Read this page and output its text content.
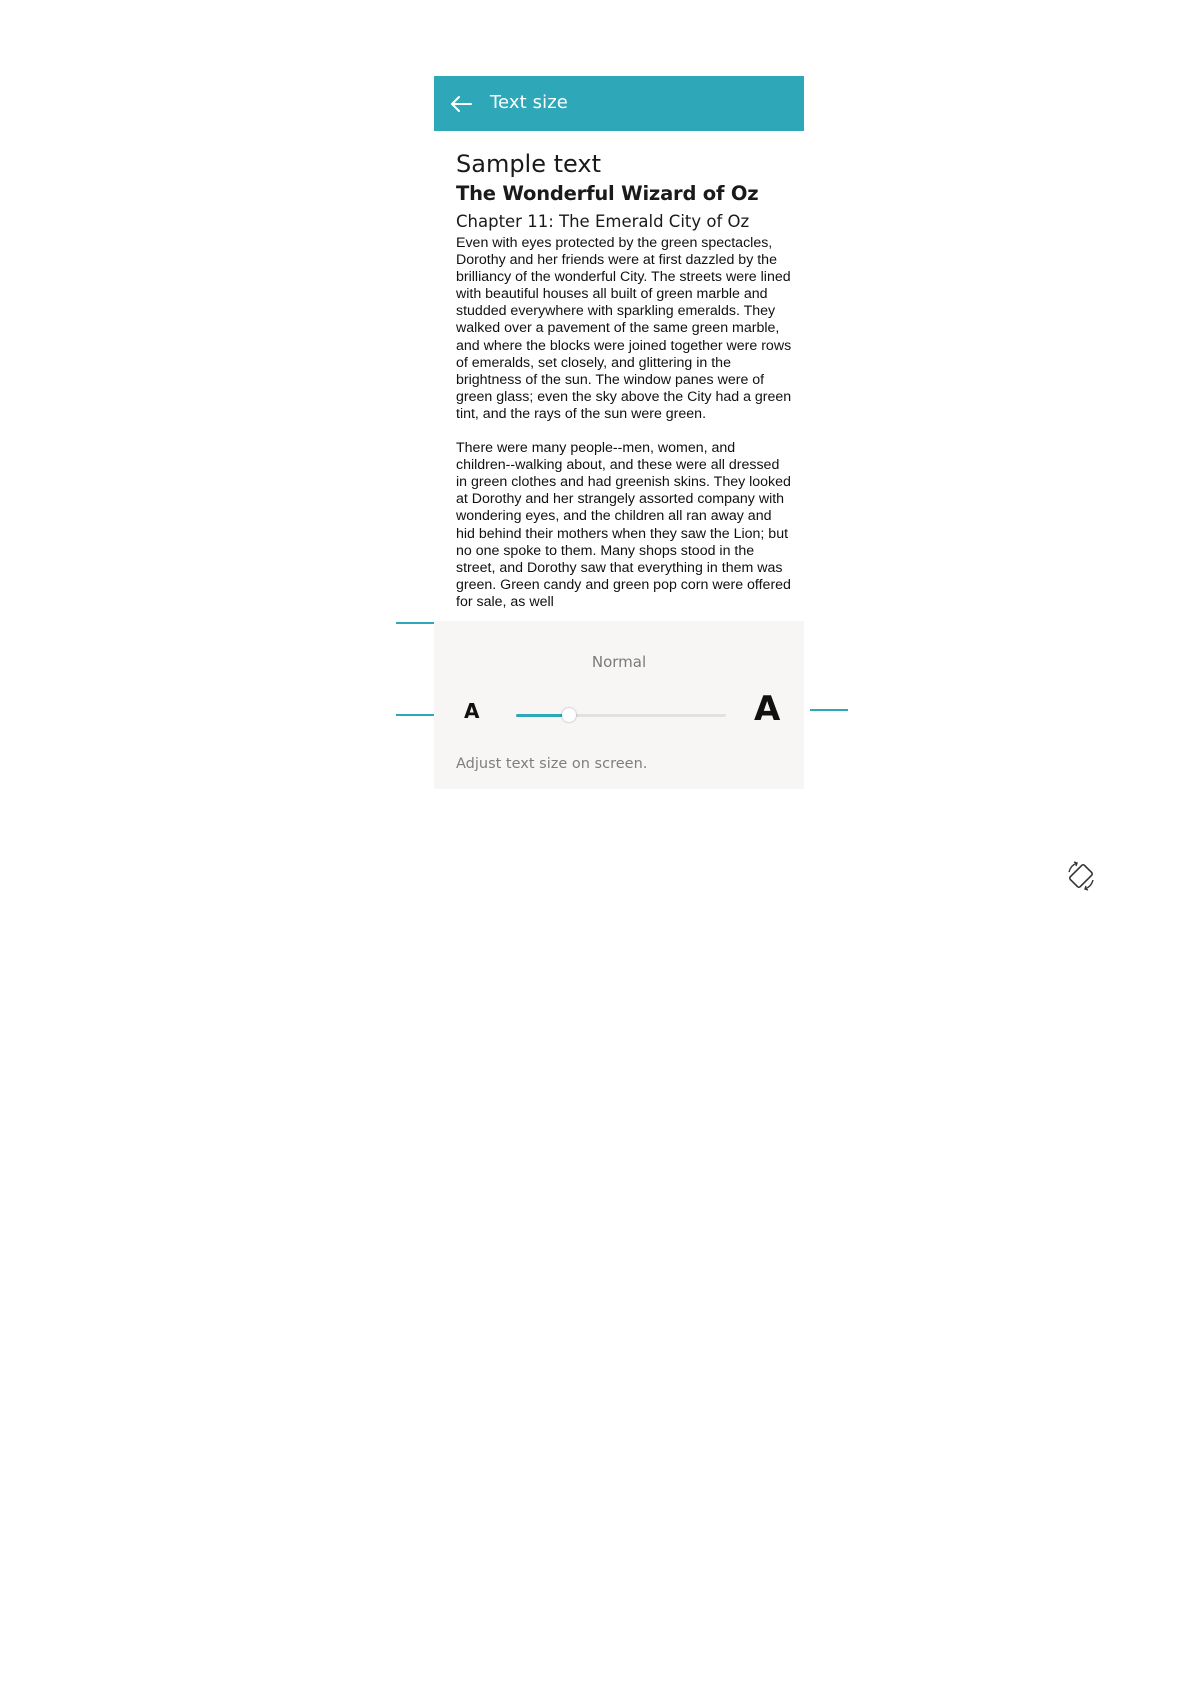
Text size
Sample text
The Wonderful Wizard of Oz
Chapter 11: The Emerald City of Oz

Even with eyes protected by the green spectacles, Dorothy and her friends were at first dazzled by the brilliancy of the wonderful City. The streets were lined with beautiful houses all built of green marble and studded everywhere with sparkling emeralds. They walked over a pavement of the same green marble, and where the blocks were joined together were rows of emeralds, set closely, and glittering in the brightness of the sun. The window panes were of green glass; even the sky above the City had a green tint, and the rays of the sun were green.

There were many people--men, women, and children--walking about, and these were all dressed in green clothes and had greenish skins. They looked at Dorothy and her strangely assorted company with wondering eyes, and the children all ran away and hid behind their mothers when they saw the Lion; but no one spoke to them. Many shops stood in the street, and Dorothy saw that everything in them was green. Green candy and green pop corn were offered for sale, as well

Normal
A	A
Adjust text size on screen.
